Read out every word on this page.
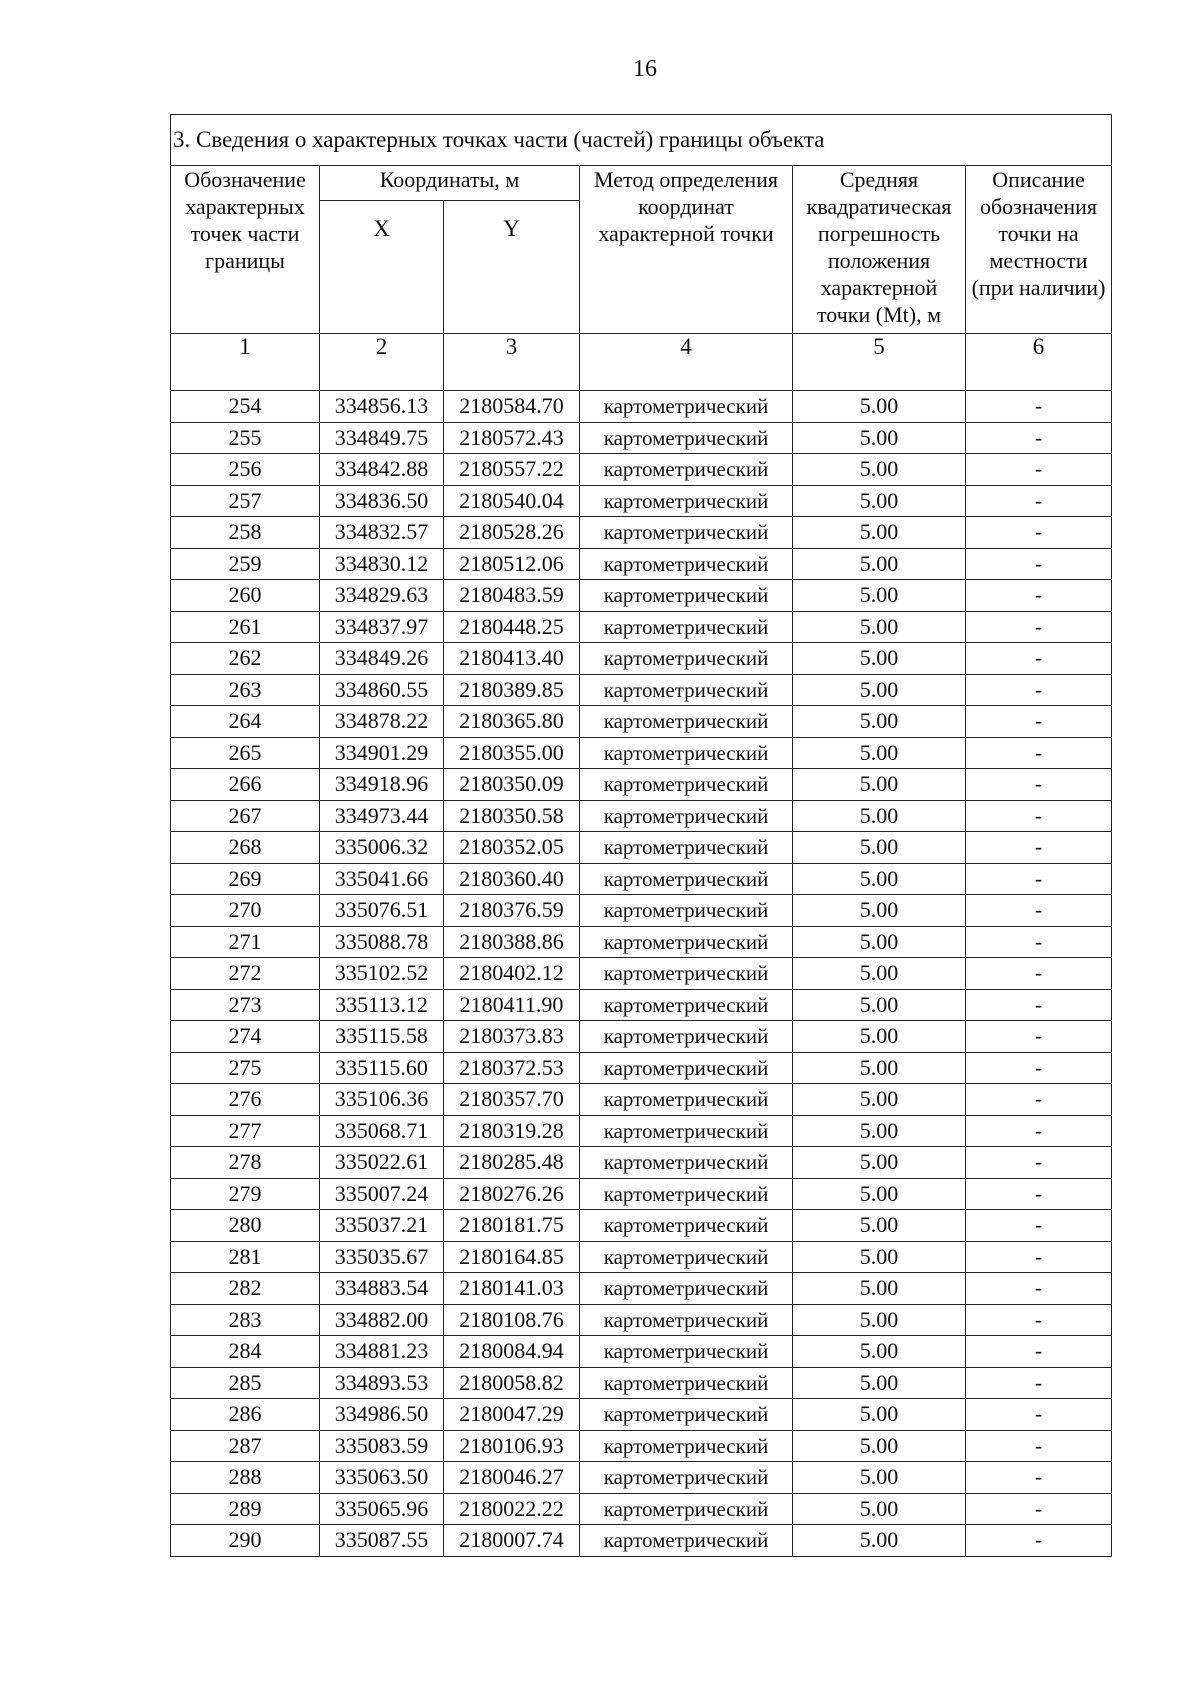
16
3. Сведения о характерных точках части (частей) границы объекта					
Обозначение характерных точек части границы	Координаты, м		Метод определения координат характерной точки	Средняя квадратическая погрешность положения характерной точки (Mt), м	Описание обозначения точки на местности (при наличии)
	X	Y			
1	2	3	4	5	6
254	334856.13	2180584.70	картометрический	5.00	-
255	334849.75	2180572.43	картометрический	5.00	-
256	334842.88	2180557.22	картометрический	5.00	-
257	334836.50	2180540.04	картометрический	5.00	-
258	334832.57	2180528.26	картометрический	5.00	-
259	334830.12	2180512.06	картометрический	5.00	-
260	334829.63	2180483.59	картометрический	5.00	-
261	334837.97	2180448.25	картометрический	5.00	-
262	334849.26	2180413.40	картометрический	5.00	-
263	334860.55	2180389.85	картометрический	5.00	-
264	334878.22	2180365.80	картометрический	5.00	-
265	334901.29	2180355.00	картометрический	5.00	-
266	334918.96	2180350.09	картометрический	5.00	-
267	334973.44	2180350.58	картометрический	5.00	-
268	335006.32	2180352.05	картометрический	5.00	-
269	335041.66	2180360.40	картометрический	5.00	-
270	335076.51	2180376.59	картометрический	5.00	-
271	335088.78	2180388.86	картометрический	5.00	-
272	335102.52	2180402.12	картометрический	5.00	-
273	335113.12	2180411.90	картометрический	5.00	-
274	335115.58	2180373.83	картометрический	5.00	-
275	335115.60	2180372.53	картометрический	5.00	-
276	335106.36	2180357.70	картометрический	5.00	-
277	335068.71	2180319.28	картометрический	5.00	-
278	335022.61	2180285.48	картометрический	5.00	-
279	335007.24	2180276.26	картометрический	5.00	-
280	335037.21	2180181.75	картометрический	5.00	-
281	335035.67	2180164.85	картометрический	5.00	-
282	334883.54	2180141.03	картометрический	5.00	-
283	334882.00	2180108.76	картометрический	5.00	-
284	334881.23	2180084.94	картометрический	5.00	-
285	334893.53	2180058.82	картометрический	5.00	-
286	334986.50	2180047.29	картометрический	5.00	-
287	335083.59	2180106.93	картометрический	5.00	-
288	335063.50	2180046.27	картометрический	5.00	-
289	335065.96	2180022.22	картометрический	5.00	-
290	335087.55	2180007.74	картометрический	5.00	-
